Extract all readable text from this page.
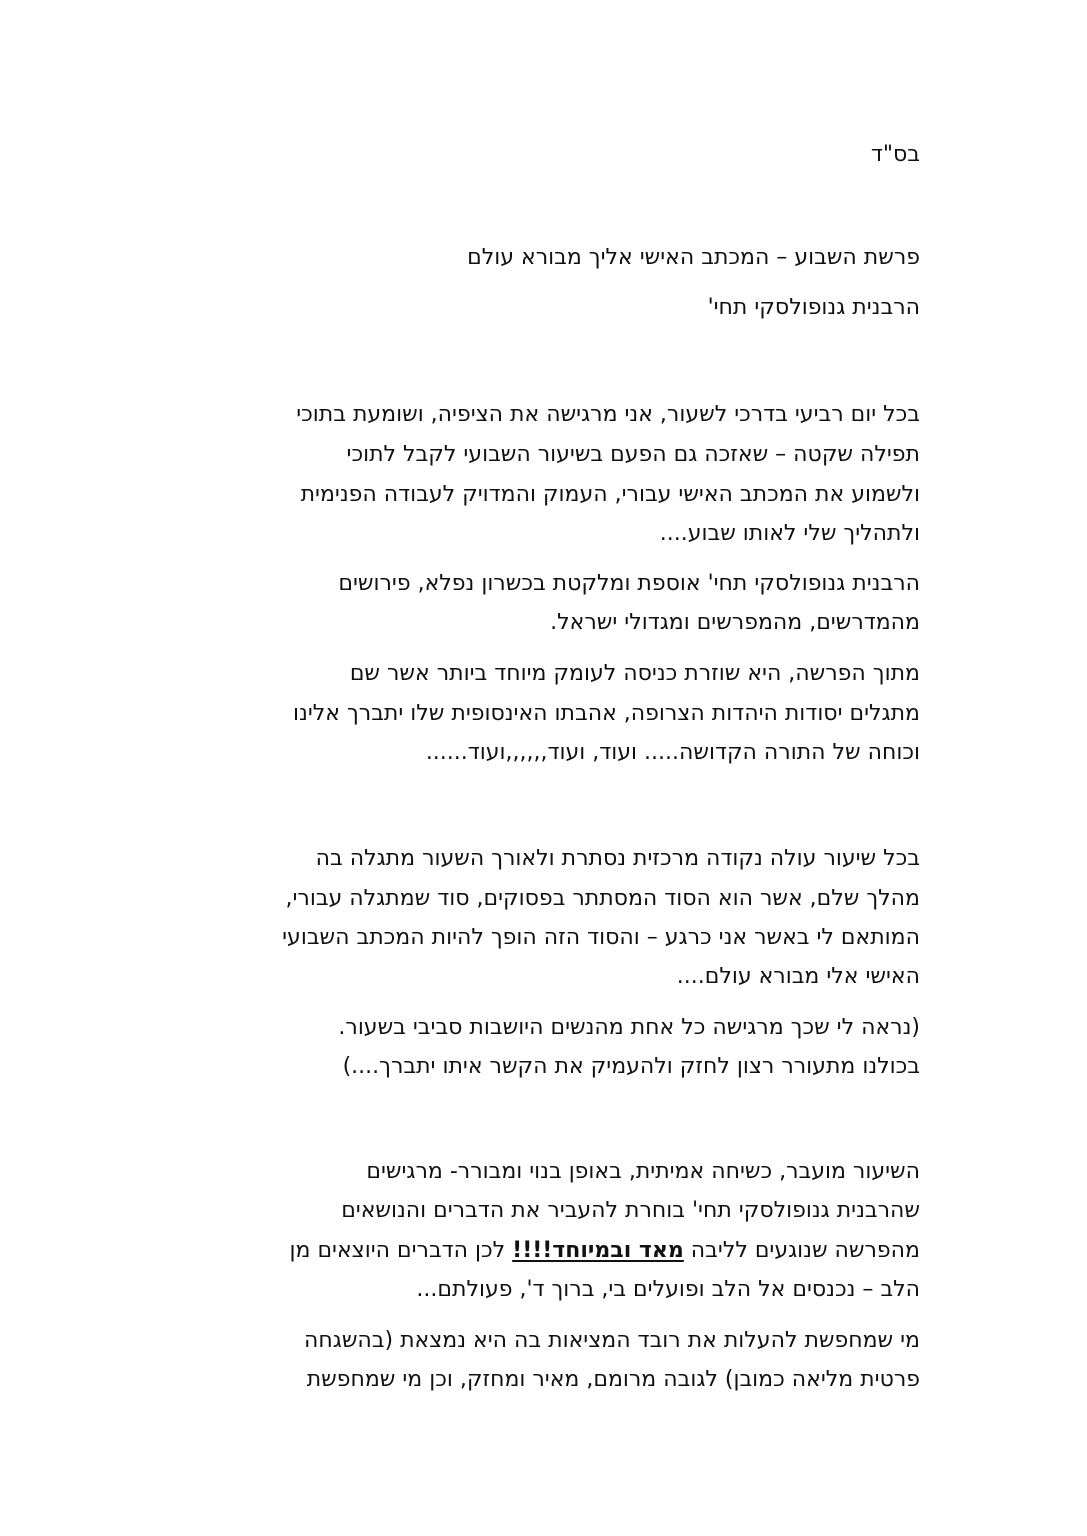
בס"ד
פרשת השבוע – המכתב האישי אליך מבורא עולם
הרבנית גנופולסקי תחי'
בכל יום רביעי בדרכי לשעור, אני מרגישה את הציפיה, ושומעת בתוכי
תפילה שקטה – שאזכה גם הפעם בשיעור השבועי לקבל לתוכי
ולשמוע את המכתב האישי עבורי, העמוק והמדויק לעבודה הפנימית
ולתהליך שלי לאותו שבוע....
הרבנית גנופולסקי תחי' אוספת ומלקטת בכשרון נפלא, פירושים
מהמדרשים, מהמפרשים ומגדולי ישראל.
מתוך הפרשה, היא שוזרת כניסה לעומק מיוחד ביותר אשר שם
מתגלים יסודות היהדות הצרופה, אהבתו האינסופית שלו יתברך אלינו
וכוחה של התורה הקדושה..... ועוד, ועוד,,,,,,ועוד......
בכל שיעור עולה נקודה מרכזית נסתרת ולאורך השעור מתגלה בה
מהלך שלם, אשר הוא הסוד המסתתר בפסוקים, סוד שמתגלה עבורי,
המותאם לי באשר אני כרגע – והסוד הזה הופך להיות המכתב השבועי
האישי אלי מבורא עולם....
(נראה לי שכך מרגישה כל אחת מהנשים היושבות סביבי בשעור.
בכולנו מתעורר רצון לחזק ולהעמיק את הקשר איתו יתברך....)
השיעור מועבר, כשיחה אמיתית, באופן בנוי ומבורר- מרגישים
שהרבנית גנופולסקי תחי' בוחרת להעביר את הדברים והנושאים
מהפרשה שנוגעים לליבה מאד ובמיוחד!!!! לכן הדברים היוצאים מן
הלב – נכנסים אל הלב ופועלים בי, ברוך ד', פעולתם...
מי שמחפשת להעלות את רובד המציאות בה היא נמצאת (בהשגחה
פרטית מליאה כמובן) לגובה מרומם, מאיר ומחזק, וכן מי שמחפשת
